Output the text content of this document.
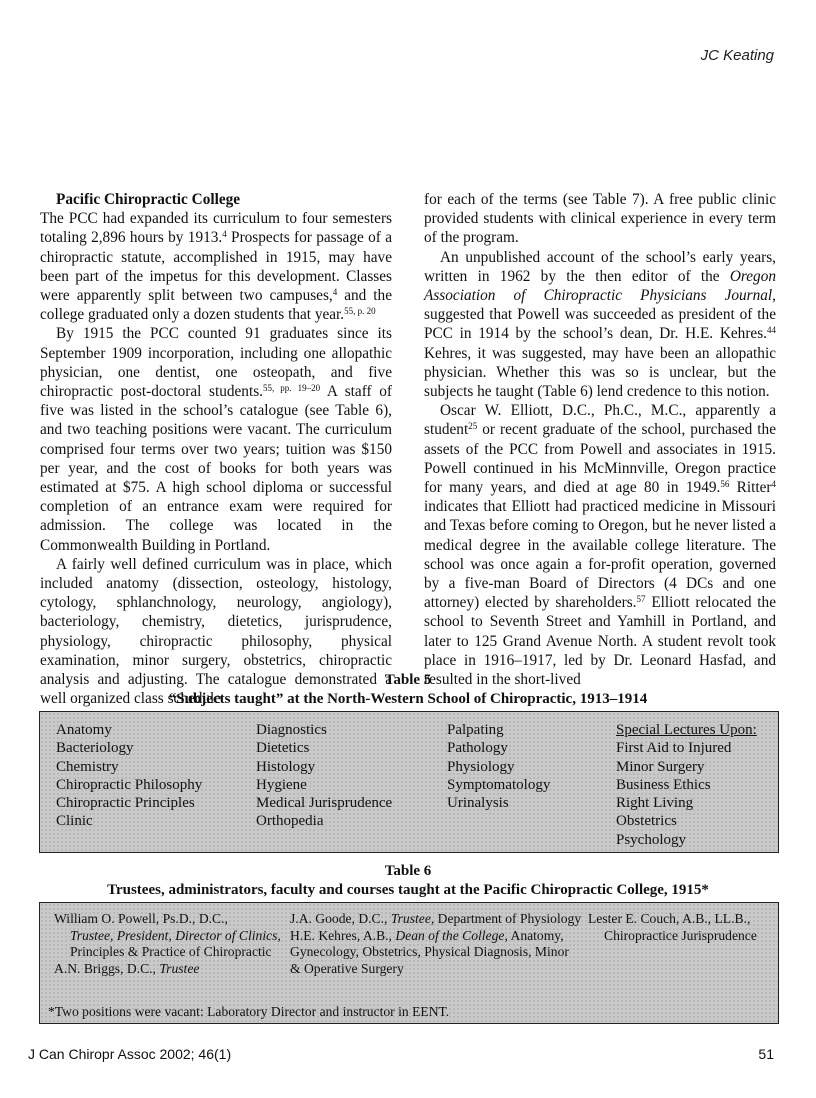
JC Keating

Pacific Chiropractic College

The PCC had expanded its curriculum to four semesters totaling 2,896 hours by 1913.$^4$ Prospects for passage of a chiropractic statute, accomplished in 1915, may have been part of the impetus for this development. Classes were apparently split between two campuses,$^4$ and the college graduated only a dozen students that year.$^{55, p. 20}$

By 1915 the PCC counted 91 graduates since its September 1909 incorporation, including one allopathic physician, one dentist, one osteopath, and five chiropractic post-doctoral students.$^{55, pp. 19-20}$ A staff of five was listed in the school’s catalogue (see Table 6), and two teaching positions were vacant. The curriculum comprised four terms over two years; tuition was $150 per year, and the cost of books for both years was estimated at $75. A high school diploma or successful completion of an entrance exam were required for admission. The college was located in the Commonwealth Building in Portland.

A fairly well defined curriculum was in place, which included anatomy (dissection, osteology, histology, cytology, sphlanchnology, neurology, angiology), bacteriology, chemistry, dietetics, jurisprudence, physiology, chiropractic philosophy, physical examination, minor surgery, obstetrics, chiropractic analysis and adjusting. The catalogue demonstrated a well organized class schedule

for each of the terms (see Table 7). A free public clinic provided students with clinical experience in every term of the program.

An unpublished account of the school’s early years, written in 1962 by the then editor of the Oregon Association of Chiropractic Physicians Journal, suggested that Powell was succeeded as president of the PCC in 1914 by the school’s dean, Dr. H.E. Kehres.$^{44}$ Kehres, it was suggested, may have been an allopathic physician. Whether this was so is unclear, but the subjects he taught (Table 6) lend credence to this notion.

Oscar W. Elliott, D.C., Ph.C., M.C., apparently a student$^{25}$ or recent graduate of the school, purchased the assets of the PCC from Powell and associates in 1915. Powell continued in his McMinnville, Oregon practice for many years, and died at age 80 in 1949.56 Ritter$^4$ indicates that Elliott had practiced medicine in Missouri and Texas before coming to Oregon, but he never listed a medical degree in the available college literature. The school was once again a for-profit operation, governed by a five-man Board of Directors (4 DCs and one attorney) elected by shareholders.$^{57}$ Elliott relocated the school to Seventh Street and Yamhill in Portland, and later to 125 Grand Avenue North. A student revolt took place in 1916–1917, led by Dr. Leonard Hasfad, and resulted in the short-lived

Table 5
“Subjects taught” at the North-Western School of Chiropractic, 1913–1914
Anatomy
Bacteriology
Chemistry
Chiropractic Philosophy
Chiropractic Principles
Clinic
Diagnostics
Dietetics
Histology
Hygiene
Medical Jurisprudence
Orthopedia
Palpating
Pathology
Physiology
Symptomatology
Urinalysis
Special Lectures Upon:
First Aid to Injured
Minor Surgery
Business Ethics
Right Living
Obstetrics
Psychology
Table 6
Trustees, administrators, faculty and courses taught at the Pacific Chiropractic College, 1915*
William O. Powell, Ps.D., D.C.,
Trustee, President, Director of Clinics, Principles & Practice of Chiropractic
A.N. Briggs, D.C., Trustee
J.A. Goode, D.C., Trustee, Department of Physiology
H.E. Kehres, A.B., Dean of the College, Anatomy, Gynecology, Obstetrics, Physical Diagnosis, Minor & Operative Surgery
Lester E. Couch, A.B., LL.B.,
Chiropractice Jurisprudence
*Two positions were vacant: Laboratory Director and instructor in EENT.
J Can Chiropr Assoc 2002; 46(1)	51
